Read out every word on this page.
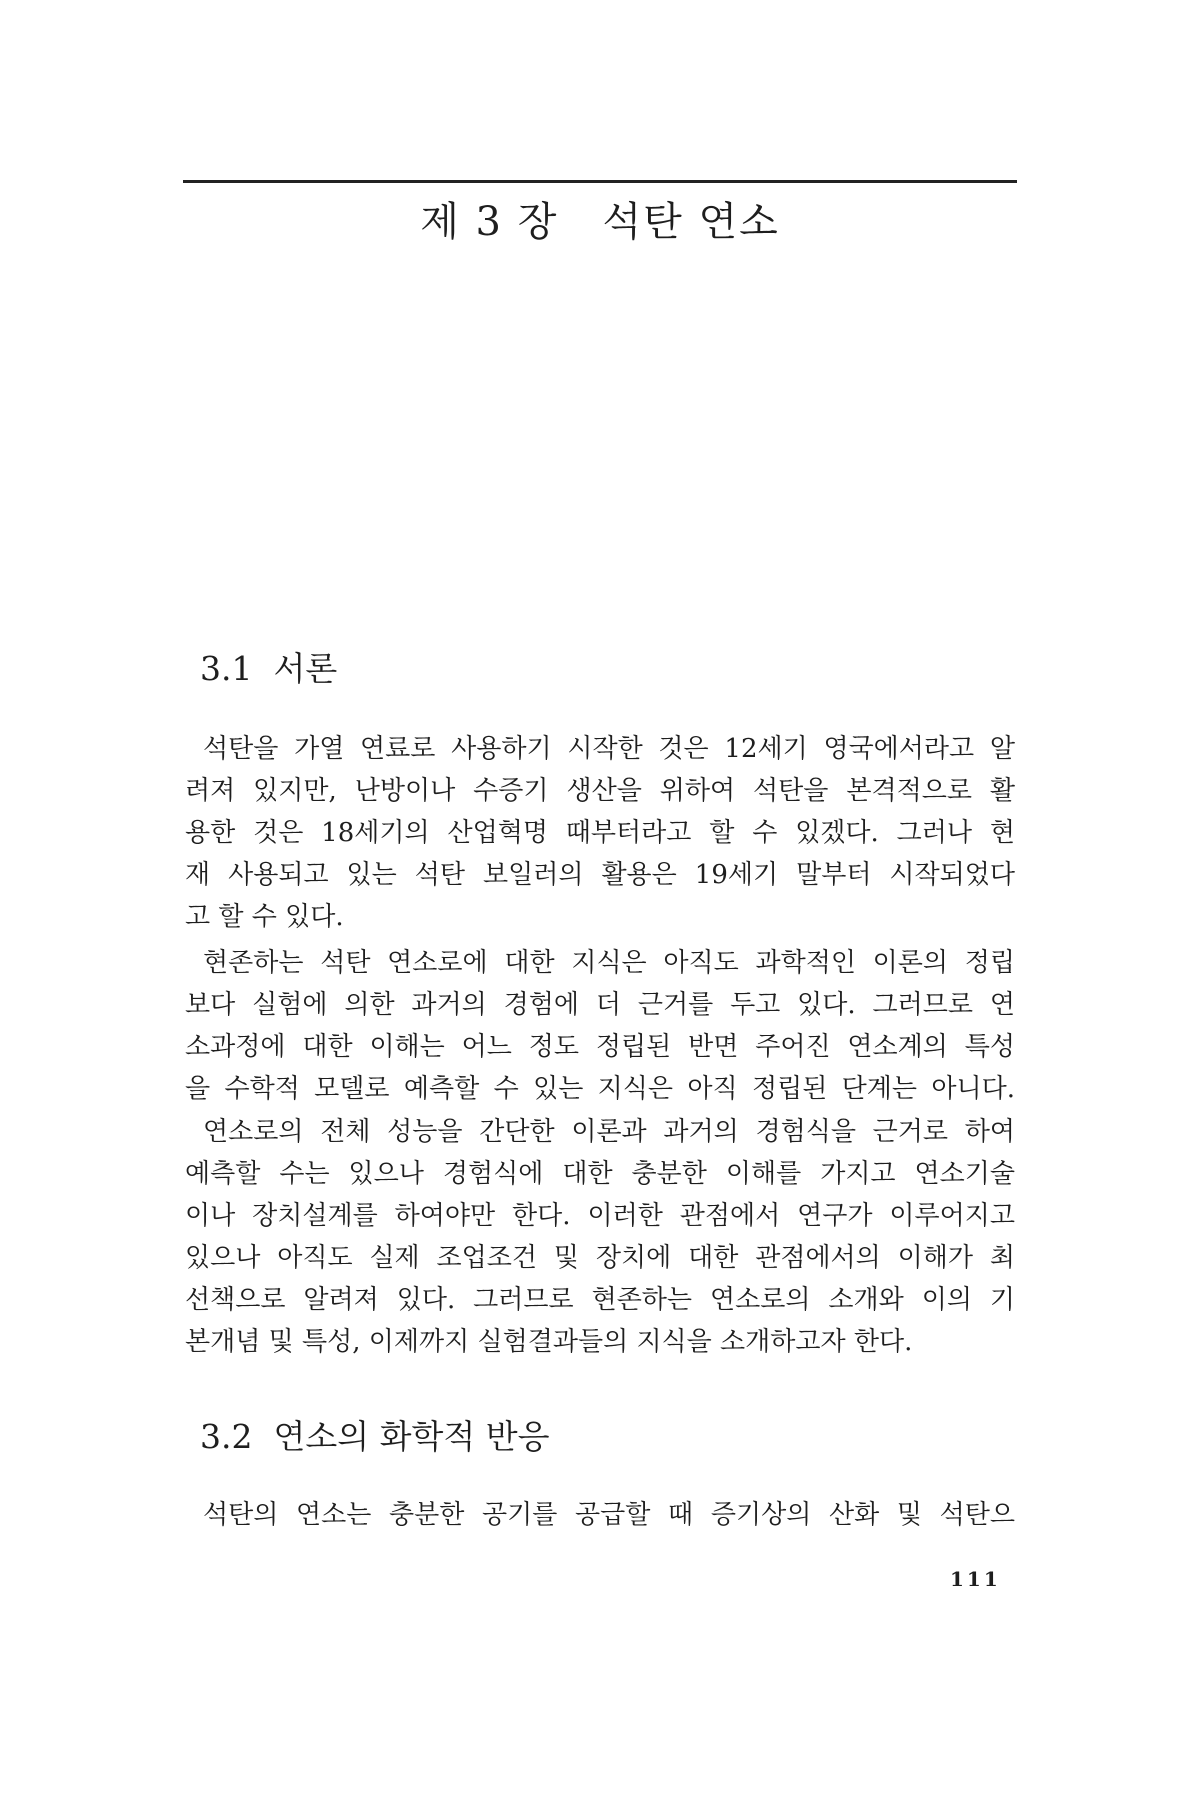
제 3 장   석탄 연소
3.1  서론
석탄을 가열 연료로 사용하기 시작한 것은 12세기 영국에서라고 알
려져 있지만, 난방이나 수증기 생산을 위하여 석탄을 본격적으로 활
용한 것은 18세기의 산업혁명 때부터라고 할 수 있겠다. 그러나 현
재 사용되고 있는 석탄 보일러의 활용은 19세기 말부터 시작되었다
고 할 수 있다.
현존하는 석탄 연소로에 대한 지식은 아직도 과학적인 이론의 정립
보다 실험에 의한 과거의 경험에 더 근거를 두고 있다. 그러므로 연
소과정에 대한 이해는 어느 정도 정립된 반면 주어진 연소계의 특성
을 수학적 모델로 예측할 수 있는 지식은 아직 정립된 단계는 아니다.
연소로의 전체 성능을 간단한 이론과 과거의 경험식을 근거로 하여
예측할 수는 있으나 경험식에 대한 충분한 이해를 가지고 연소기술
이나 장치설계를 하여야만 한다. 이러한 관점에서 연구가 이루어지고
있으나 아직도 실제 조업조건 및 장치에 대한 관점에서의 이해가 최
선책으로 알려져 있다. 그러므로 현존하는 연소로의 소개와 이의 기
본개념 및 특성, 이제까지 실험결과들의 지식을 소개하고자 한다.
3.2  연소의 화학적 반응
석탄의 연소는 충분한 공기를 공급할 때 증기상의 산화 및 석탄으
111
